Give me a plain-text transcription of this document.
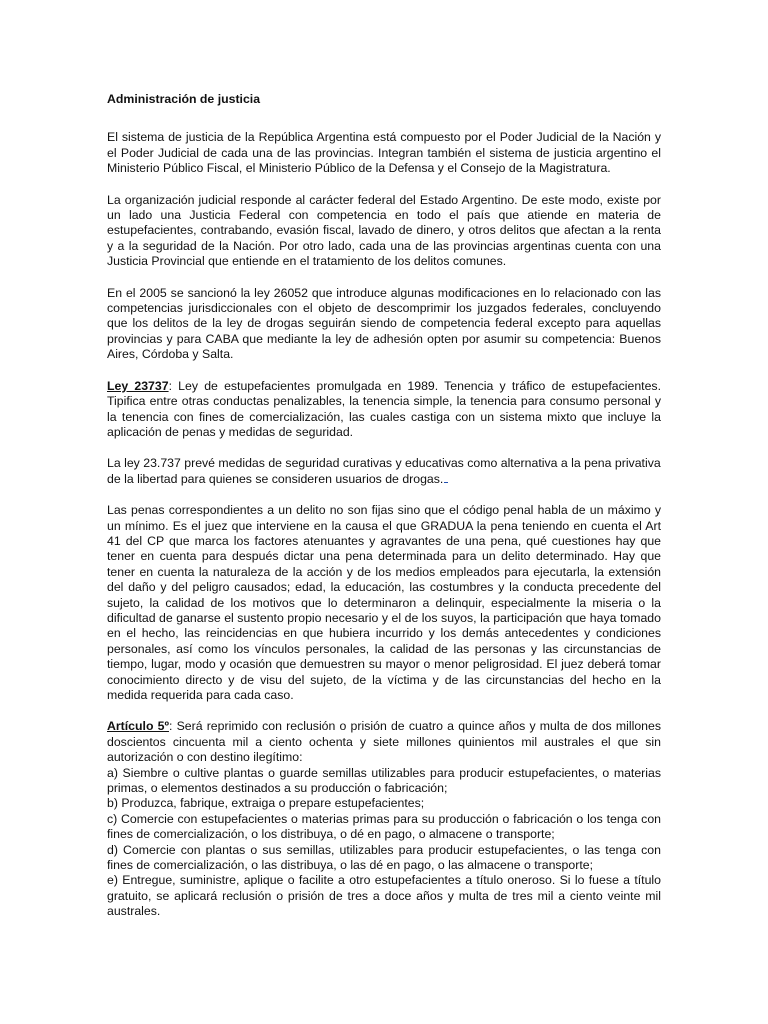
Administración de justicia

El sistema de justicia de la República Argentina está compuesto por el Poder Judicial de la Nación y el Poder Judicial de cada una de las provincias. Integran también el sistema de justicia argentino el Ministerio Público Fiscal, el Ministerio Público de la Defensa y el Consejo de la Magistratura.

La organización judicial responde al carácter federal del Estado Argentino. De este modo, existe por un lado una Justicia Federal con competencia en todo el país que atiende en materia de estupefacientes, contrabando, evasión fiscal, lavado de dinero, y otros delitos que afectan a la renta y a la seguridad de la Nación. Por otro lado, cada una de las provincias argentinas cuenta con una Justicia Provincial que entiende en el tratamiento de los delitos comunes.

En el 2005 se sancionó la ley 26052 que introduce algunas modificaciones en lo relacionado con las competencias jurisdiccionales con el objeto de descomprimir los juzgados federales, concluyendo que los delitos de la ley de drogas seguirán siendo de competencia federal excepto para aquellas provincias y para CABA que mediante la ley de adhesión opten por asumir su competencia: Buenos Aires, Córdoba y Salta.

Ley 23737: Ley de estupefacientes promulgada en 1989. Tenencia y tráfico de estupefacientes. Tipifica entre otras conductas penalizables, la tenencia simple, la tenencia para consumo personal y la tenencia con fines de comercialización, las cuales castiga con un sistema mixto que incluye la aplicación de penas y medidas de seguridad.

La ley 23.737 prevé medidas de seguridad curativas y educativas como alternativa a la pena privativa de la libertad para quienes se consideren usuarios de drogas.

Las penas correspondientes a un delito no son fijas sino que el código penal habla de un máximo y un mínimo. Es el juez que interviene en la causa el que GRADUA la pena teniendo en cuenta el Art 41 del CP que marca los factores atenuantes y agravantes de una pena, qué cuestiones hay que tener en cuenta para después dictar una pena determinada para un delito determinado. Hay que tener en cuenta la naturaleza de la acción y de los medios empleados para ejecutarla, la extensión del daño y del peligro causados; edad, la educación, las costumbres y la conducta precedente del sujeto, la calidad de los motivos que lo determinaron a delinquir, especialmente la miseria o la dificultad de ganarse el sustento propio necesario y el de los suyos, la participación que haya tomado en el hecho, las reincidencias en que hubiera incurrido y los demás antecedentes y condiciones personales, así como los vínculos personales, la calidad de las personas y las circunstancias de tiempo, lugar, modo y ocasión que demuestren su mayor o menor peligrosidad. El juez deberá tomar conocimiento directo y de visu del sujeto, de la víctima y de las circunstancias del hecho en la medida requerida para cada caso.

Artículo 5º: Será reprimido con reclusión o prisión de cuatro a quince años y multa de dos millones doscientos cincuenta mil a ciento ochenta y siete millones quinientos mil australes el que sin autorización o con destino ilegítimo:

a) Siembre o cultive plantas o guarde semillas utilizables para producir estupefacientes, o materias primas, o elementos destinados a su producción o fabricación;

b) Produzca, fabrique, extraiga o prepare estupefacientes;

c) Comercie con estupefacientes o materias primas para su producción o fabricación o los tenga con fines de comercialización, o los distribuya, o dé en pago, o almacene o transporte;

d) Comercie con plantas o sus semillas, utilizables para producir estupefacientes, o las tenga con fines de comercialización, o las distribuya, o las dé en pago, o las almacene o transporte;

e) Entregue, suministre, aplique o facilite a otro estupefacientes a título oneroso. Si lo fuese a título gratuito, se aplicará reclusión o prisión de tres a doce años y multa de tres mil a ciento veinte mil australes.
